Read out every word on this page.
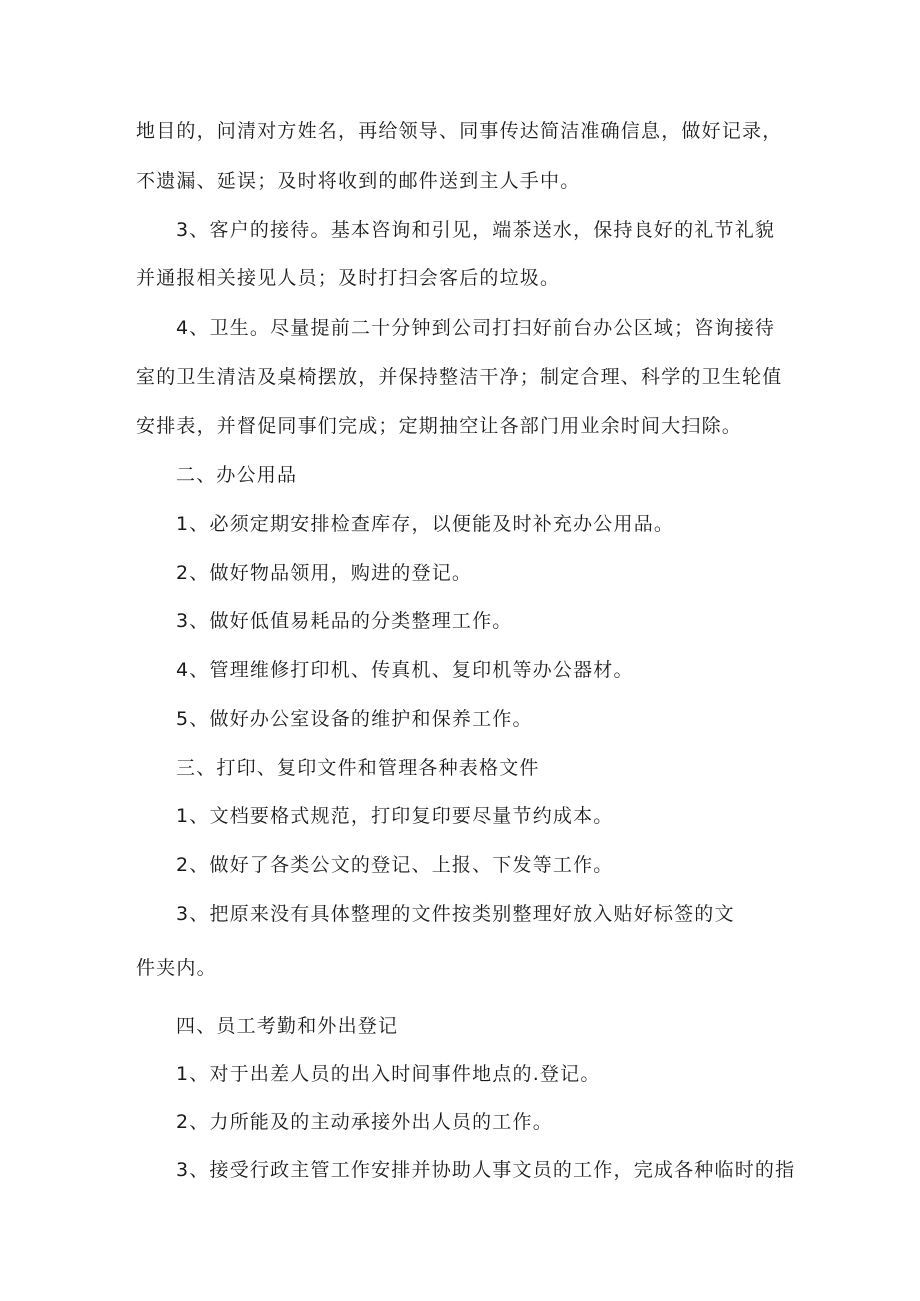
地目的，问清对方姓名，再给领导、同事传达简洁准确信息，做好记录，
不遗漏、延误；及时将收到的邮件送到主人手中。
3、客户的接待。基本咨询和引见，端茶送水，保持良好的礼节礼貌
并通报相关接见人员；及时打扫会客后的垃圾。
4、卫生。尽量提前二十分钟到公司打扫好前台办公区域；咨询接待
室的卫生清洁及桌椅摆放，并保持整洁干净；制定合理、科学的卫生轮值
安排表，并督促同事们完成；定期抽空让各部门用业余时间大扫除。
二、办公用品
1、必须定期安排检查库存，以便能及时补充办公用品。
2、做好物品领用，购进的登记。
3、做好低值易耗品的分类整理工作。
4、管理维修打印机、传真机、复印机等办公器材。
5、做好办公室设备的维护和保养工作。
三、打印、复印文件和管理各种表格文件
1、文档要格式规范，打印复印要尽量节约成本。
2、做好了各类公文的登记、上报、下发等工作。
3、把原来没有具体整理的文件按类别整理好放入贴好标签的文
件夹内。
四、员工考勤和外出登记
1、对于出差人员的出入时间事件地点的.登记。
2、力所能及的主动承接外出人员的工作。
3、接受行政主管工作安排并协助人事文员的工作，完成各种临时的指
